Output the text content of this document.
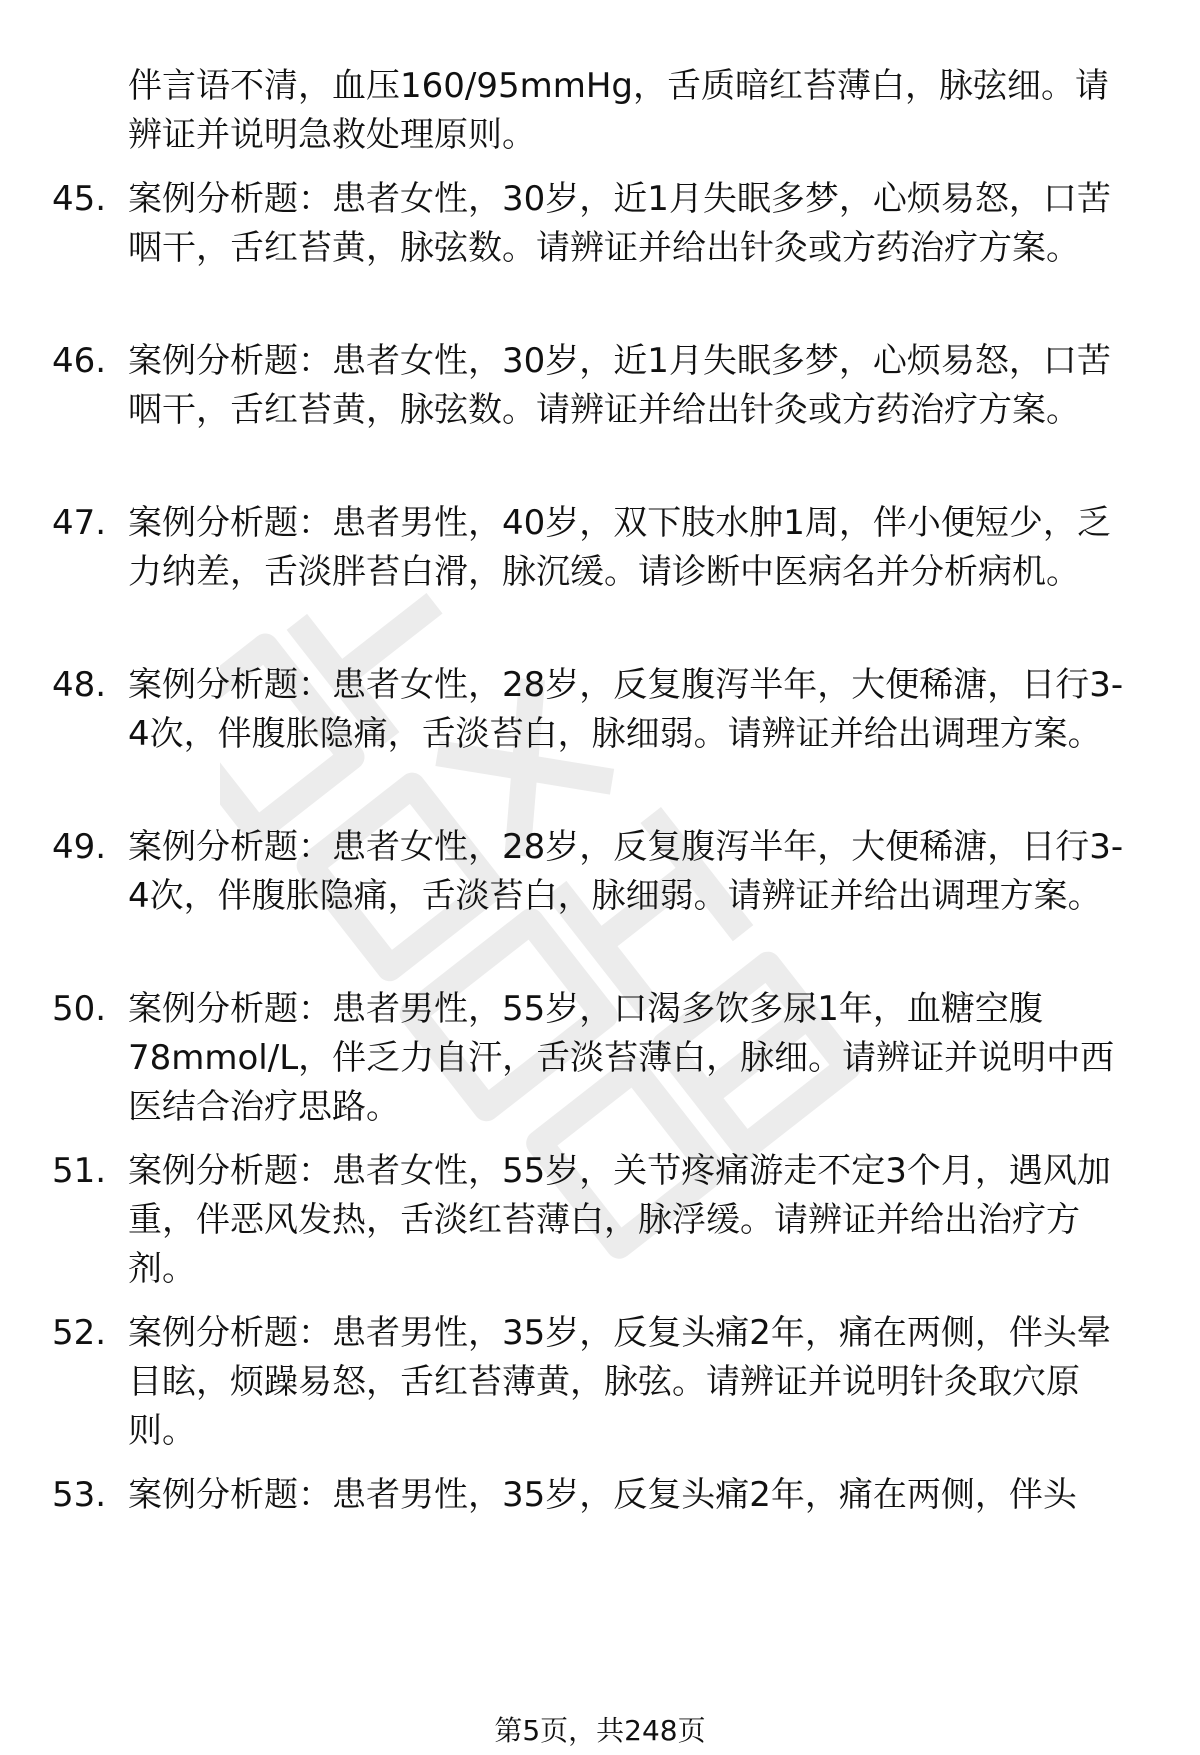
伴言语不清，血压160/95mmHg，舌质暗红苔薄白，脉弦细。请辨证并说明急救处理原则。

45. 案例分析题：患者女性，30岁，近1月失眠多梦，心烦易怒，口苦咽干，舌红苔黄，脉弦数。请辨证并给出针灸或方药治疗方案。

46. 案例分析题：患者女性，30岁，近1月失眠多梦，心烦易怒，口苦咽干，舌红苔黄，脉弦数。请辨证并给出针灸或方药治疗方案。

47. 案例分析题：患者男性，40岁，双下肢水肿1周，伴小便短少，乏力纳差，舌淡胖苔白滑，脉沉缓。请诊断中医病名并分析病机。

48. 案例分析题：患者女性，28岁，反复腹泻半年，大便稀溏，日行3-4次，伴腹胀隐痛，舌淡苔白，脉细弱。请辨证并给出调理方案。

49. 案例分析题：患者女性，28岁，反复腹泻半年，大便稀溏，日行3-4次，伴腹胀隐痛，舌淡苔白，脉细弱。请辨证并给出调理方案。

50. 案例分析题：患者男性，55岁，口渴多饮多尿1年，血糖空腹78mmol/L，伴乏力自汗，舌淡苔薄白，脉细。请辨证并说明中西医结合治疗思路。

51. 案例分析题：患者女性，55岁，关节疼痛游走不定3个月，遇风加重，伴恶风发热，舌淡红苔薄白，脉浮缓。请辨证并给出治疗方剂。

52. 案例分析题：患者男性，35岁，反复头痛2年，痛在两侧，伴头晕目眩，烦躁易怒，舌红苔薄黄，脉弦。请辨证并说明针灸取穴原则。

53. 案例分析题：患者男性，35岁，反复头痛2年，痛在两侧，伴头

第5页，共248页
